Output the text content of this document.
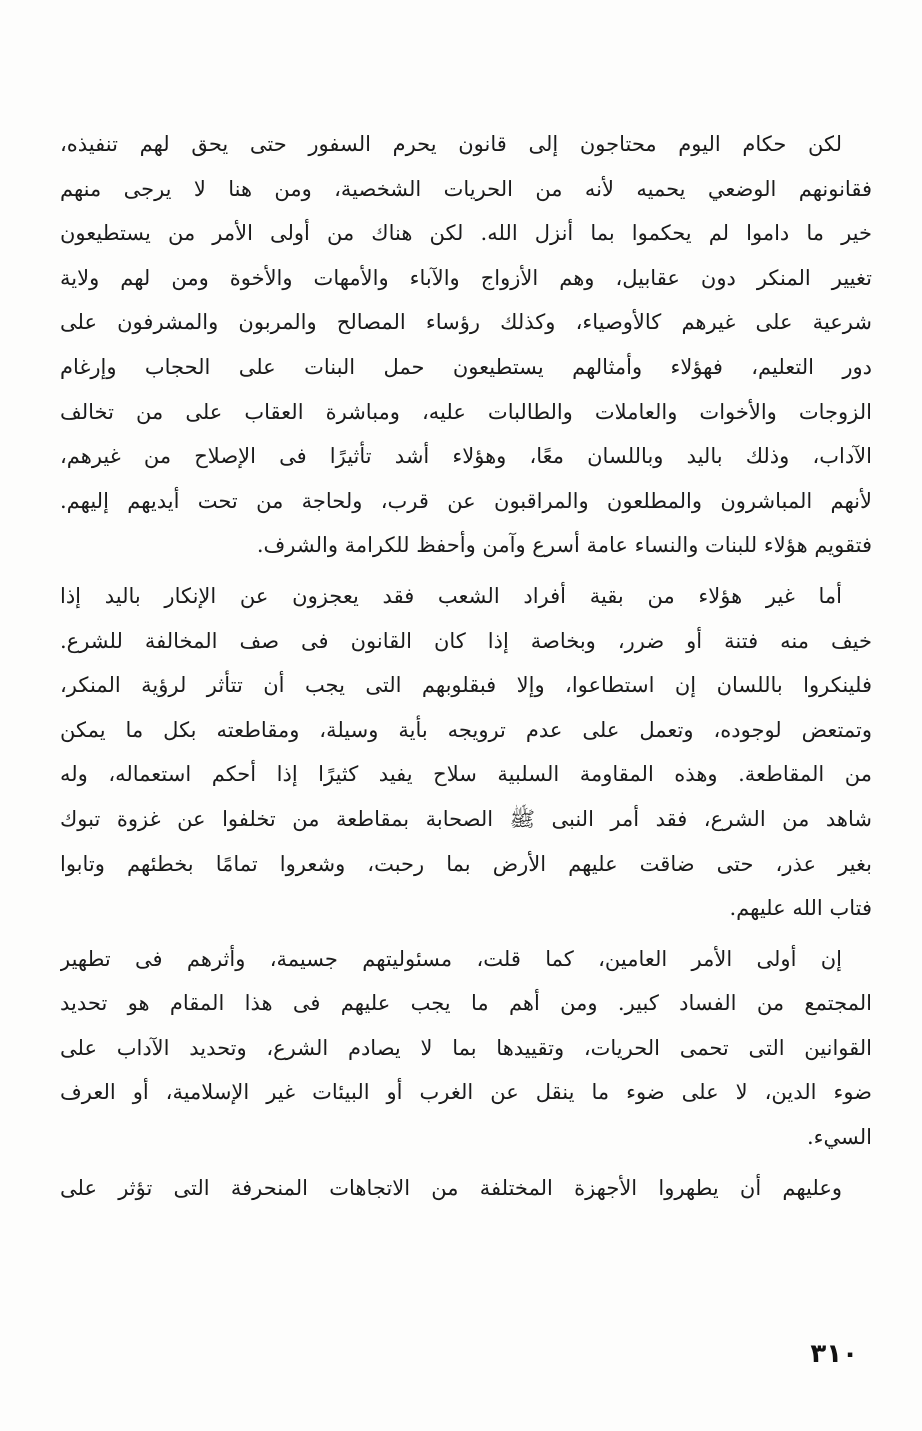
لكن حكام اليوم محتاجون إلى قانون يحرم السفور حتى يحق لهم تنفيذه،
فقانونهم الوضعي يحميه لأنه من الحريات الشخصية، ومن هنا لا يرجى منهم
خير ما داموا لم يحكموا بما أنزل الله. لكن هناك من أولى الأمر من يستطيعون
تغيير المنكر دون عقابيل، وهم الأزواج والآباء والأمهات والأخوة ومن لهم ولاية
شرعية على غيرهم كالأوصياء، وكذلك رؤساء المصالح والمربون والمشرفون على
دور التعليم، فهؤلاء وأمثالهم يستطيعون حمل البنات على الحجاب وإرغام
الزوجات والأخوات والعاملات والطالبات عليه، ومباشرة العقاب على من تخالف
الآداب، وذلك باليد وباللسان معًا، وهؤلاء أشد تأثيرًا فى الإصلاح من غيرهم،
لأنهم المباشرون والمطلعون والمراقبون عن قرب، ولحاجة من تحت أيديهم إليهم.
فتقويم هؤلاء للبنات والنساء عامة أسرع وآمن وأحفظ للكرامة والشرف.
أما غير هؤلاء من بقية أفراد الشعب فقد يعجزون عن الإنكار باليد إذا
خيف منه فتنة أو ضرر، وبخاصة إذا كان القانون فى صف المخالفة للشرع.
فلينكروا باللسان إن استطاعوا، وإلا فبقلوبهم التى يجب أن تتأثر لرؤية المنكر،
وتمتعض لوجوده، وتعمل على عدم ترويجه بأية وسيلة، ومقاطعته بكل ما يمكن
من المقاطعة. وهذه المقاومة السلبية سلاح يفيد كثيرًا إذا أحكم استعماله، وله
شاهد من الشرع، فقد أمر النبى ﷺ الصحابة بمقاطعة من تخلفوا عن غزوة تبوك
بغير عذر، حتى ضاقت عليهم الأرض بما رحبت، وشعروا تمامًا بخطئهم وتابوا
فتاب الله عليهم.
إن أولى الأمر العامين، كما قلت، مسئوليتهم جسيمة، وأثرهم فى تطهير
المجتمع من الفساد كبير. ومن أهم ما يجب عليهم فى هذا المقام هو تحديد
القوانين التى تحمى الحريات، وتقييدها بما لا يصادم الشرع، وتحديد الآداب على
ضوء الدين، لا على ضوء ما ينقل عن الغرب أو البيئات غير الإسلامية، أو العرف
السيء.
وعليهم أن يطهروا الأجهزة المختلفة من الاتجاهات المنحرفة التى تؤثر على
٣١٠
